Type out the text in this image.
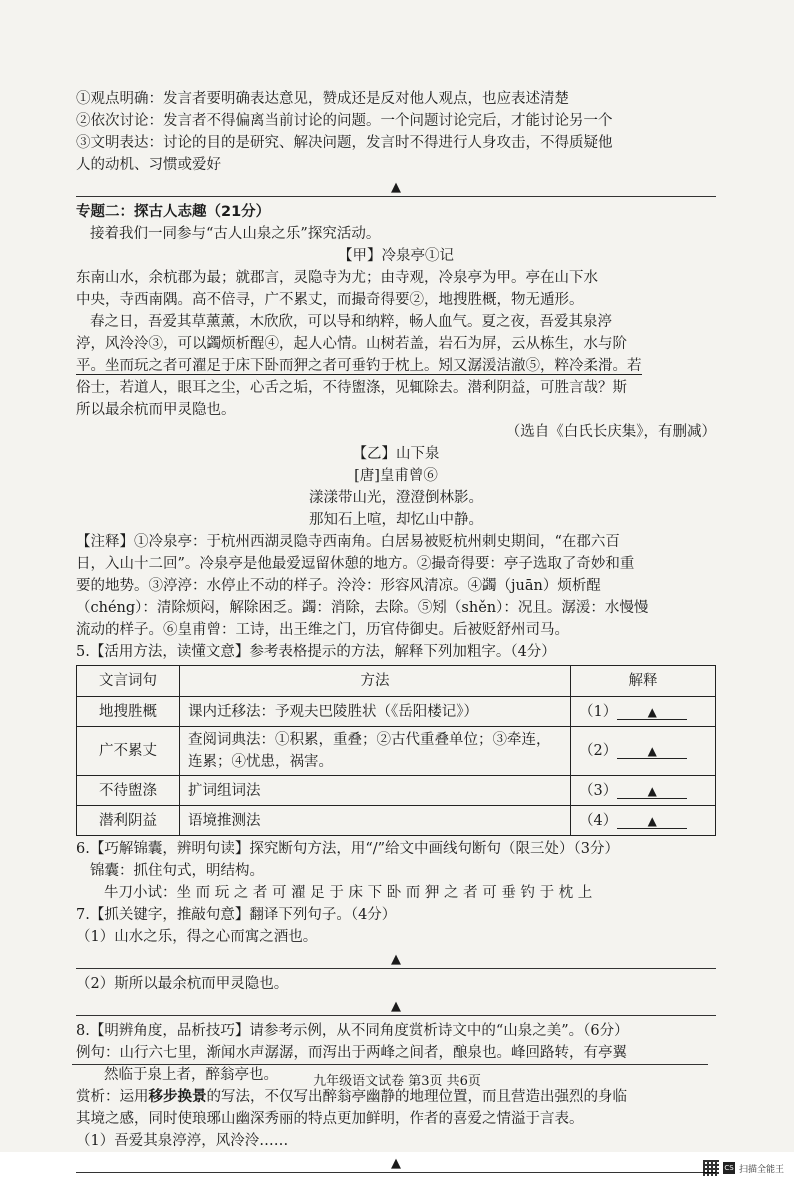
①观点明确：发言者要明确表达意见，赞成还是反对他人观点，也应表述清楚
②依次讨论：发言者不得偏离当前讨论的问题。一个问题讨论完后，才能讨论另一个
③文明表达：讨论的目的是研究、解决问题，发言时不得进行人身攻击，不得质疑他
人的动机、习惯或爱好
▲
专题二：探古人志趣（21分）
接着我们一同参与“古人山泉之乐”探究活动。
【甲】冷泉亭①记
东南山水，余杭郡为最；就郡言，灵隐寺为尤；由寺观，冷泉亭为甲。亭在山下水
中央，寺西南隅。高不倍寻，广不累丈，而撮奇得要②，地搜胜概，物无遁形。
春之日，吾爱其草薰薰，木欣欣，可以导和纳粹，畅人血气。夏之夜，吾爱其泉渟
渟，风泠泠③，可以蠲烦析酲④，起人心情。山树若盖，岩石为屏，云从栋生，水与阶
平。坐而玩之者可濯足于床下卧而狎之者可垂钓于枕上。矧又潺湲洁澈⑤，粹冷柔滑。若
俗士，若道人，眼耳之尘，心舌之垢，不待盥涤，见辄除去。潜利阴益，可胜言哉？斯
所以最余杭而甲灵隐也。
（选自《白氏长庆集》，有删减）
【乙】山下泉
[唐]皇甫曾⑥
漾漾带山光，澄澄倒林影。
那知石上喧，却忆山中静。
【注释】①冷泉亭：于杭州西湖灵隐寺西南角。白居易被贬杭州刺史期间，“在郡六百
日，入山十二回”。冷泉亭是他最爱逗留休憩的地方。②撮奇得要：亭子选取了奇妙和重
要的地势。③渟渟：水停止不动的样子。泠泠：形容风清凉。④蠲（juān）烦析酲
（chéng）：清除烦闷，解除困乏。蠲：消除，去除。⑤矧（shěn）：况且。潺湲：水慢慢
流动的样子。⑥皇甫曾：工诗，出王维之门，历官侍御史。后被贬舒州司马。
5.【活用方法，读懂文意】参考表格提示的方法，解释下列加粗字。（4分）
文言词句	方法	解释
地搜胜概	课内迁移法：予观夫巴陵胜状（《岳阳楼记》）	（1） ▲
广不累丈	查阅词典法：①积累，重叠；②古代重叠单位；③牵连，连累；④忧患，祸害。	（2） ▲
不待盥涤	扩词组词法	（3） ▲
潜利阴益	语境推测法	（4） ▲
6.【巧解锦囊，辨明句读】探究断句方法，用“/”给文中画线句断句（限三处）（3分）
锦囊：抓住句式，明结构。
牛刀小试：坐 而 玩 之 者 可 濯 足 于 床 下 卧 而 狎 之 者 可 垂 钓 于 枕 上
7.【抓关键字，推敲句意】翻译下列句子。（4分）
（1）山水之乐，得之心而寓之酒也。
▲
（2）斯所以最余杭而甲灵隐也。
▲
8.【明辨角度，品析技巧】请参考示例，从不同角度赏析诗文中的“山泉之美”。（6分）
例句：山行六七里，渐闻水声潺潺，而泻出于两峰之间者，酿泉也。峰回路转，有亭翼
然临于泉上者，醉翁亭也。
赏析：运用移步换景的写法，不仅写出醉翁亭幽静的地理位置，而且营造出强烈的身临
其境之感，同时使琅琊山幽深秀丽的特点更加鲜明，作者的喜爱之情溢于言表。
（1）吾爱其泉渟渟，风泠泠……
▲
九年级语文试卷 第3页 共6页
CS 扫描全能王
